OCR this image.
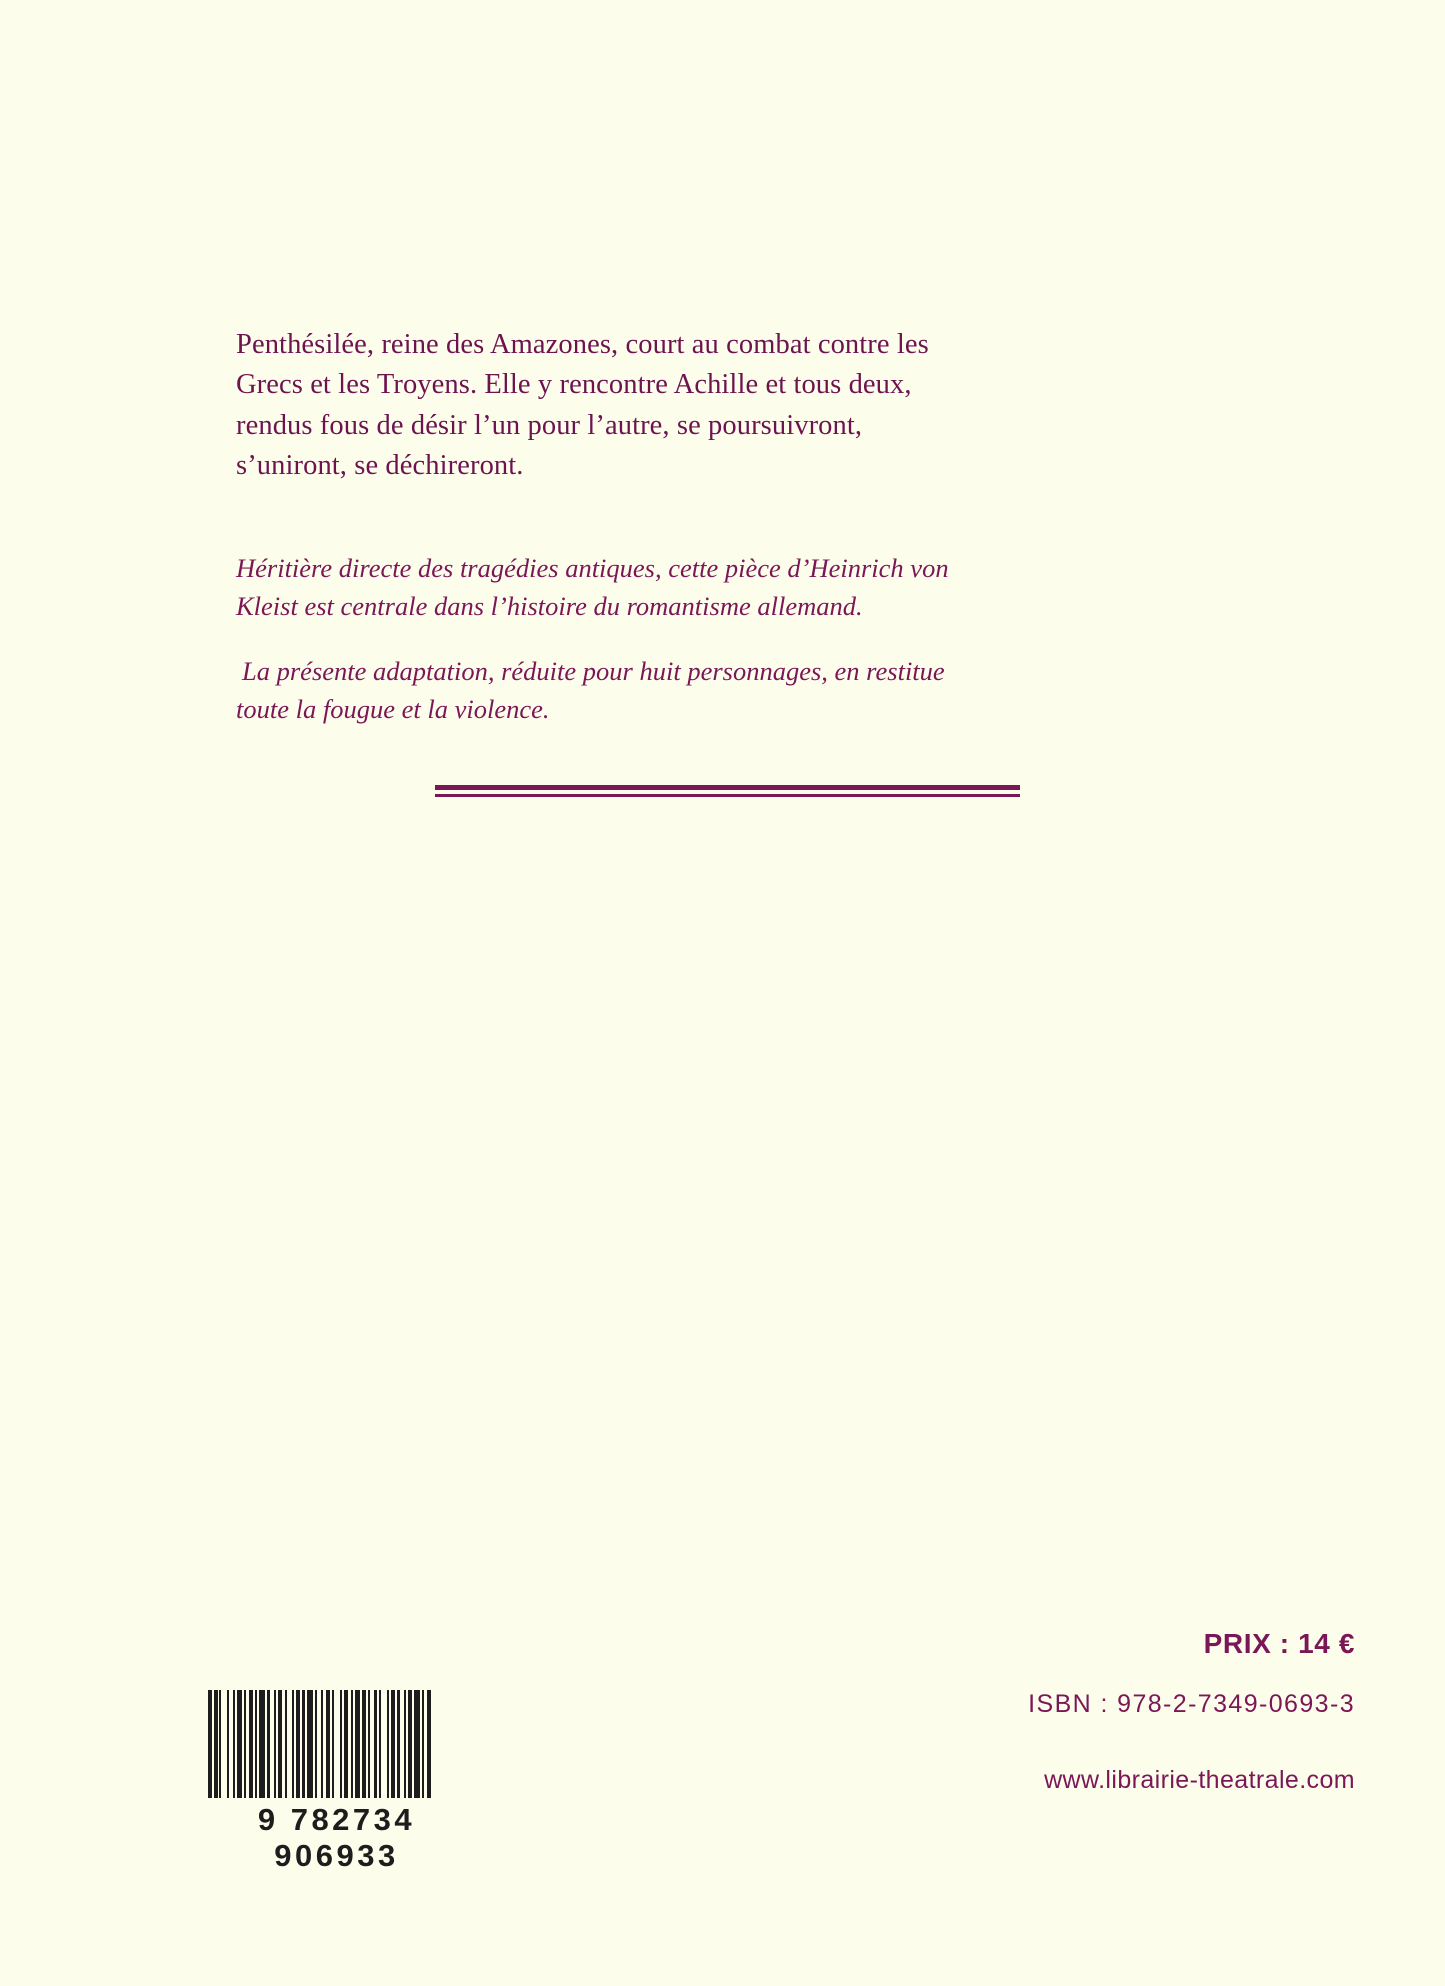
Penthésilée, reine des Amazones, court au combat contre les Grecs et les Troyens. Elle y rencontre Achille et tous deux, rendus fous de désir l’un pour l’autre, se poursuivront, s’uniront, se déchireront.

Héritière directe des tragédies antiques, cette pièce d’Heinrich von Kleist est centrale dans l’histoire du romantisme allemand.

La présente adaptation, réduite pour huit personnages, en restitue toute la fougue et la violence.

PRIX : 14 €
ISBN : 978-2-7349-0693-3
www.librairie-theatrale.com
9 782734 906933
